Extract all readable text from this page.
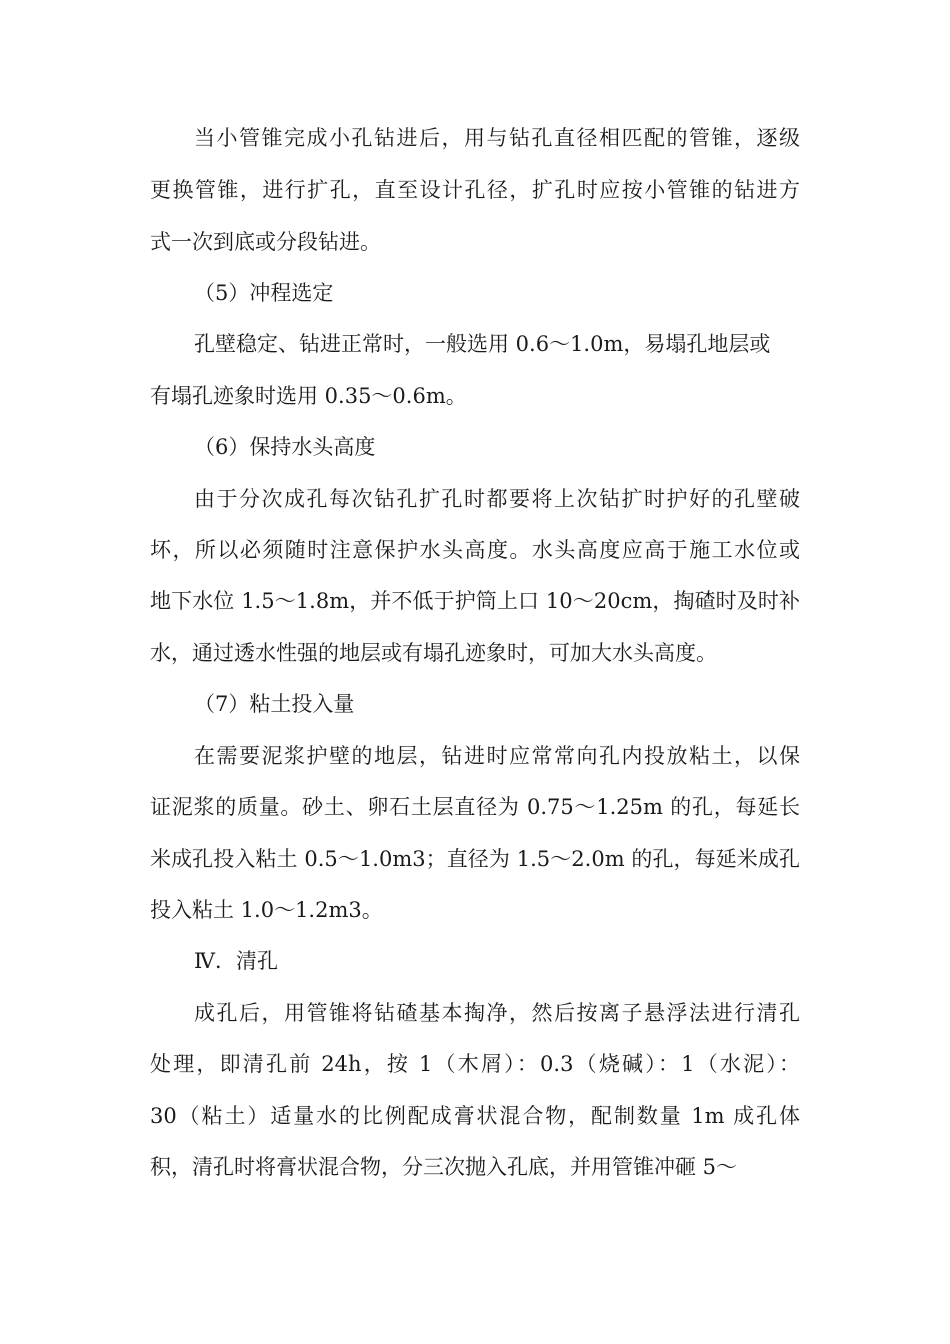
当小管锥完成小孔钻进后，用与钻孔直径相匹配的管锥，逐级
更换管锥，进行扩孔，直至设计孔径，扩孔时应按小管锥的钻进方
式一次到底或分段钻进。
（5）冲程选定
孔壁稳定、钻进正常时，一般选用 0.6～1.0m，易塌孔地层或
有塌孔迹象时选用 0.35～0.6m。
（6）保持水头高度
由于分次成孔每次钻孔扩孔时都要将上次钻扩时护好的孔壁破
坏，所以必须随时注意保护水头高度。水头高度应高于施工水位或
地下水位 1.5～1.8m，并不低于护筒上口 10～20cm，掏碴时及时补
水，通过透水性强的地层或有塌孔迹象时，可加大水头高度。
（7）粘土投入量
在需要泥浆护壁的地层，钻进时应常常向孔内投放粘土，以保
证泥浆的质量。砂土、卵石土层直径为 0.75～1.25m 的孔，每延长
米成孔投入粘土 0.5～1.0m3；直径为 1.5～2.0m 的孔，每延米成孔
投入粘土 1.0～1.2m3。
Ⅳ．清孔
成孔后，用管锥将钻碴基本掏净，然后按离子悬浮法进行清孔
处理，即清孔前 24h，按 1（木屑）：0.3（烧碱）：1（水泥）：
30（粘土）适量水的比例配成膏状混合物，配制数量 1m 成孔体
积，清孔时将膏状混合物，分三次抛入孔底，并用管锥冲砸 5～
